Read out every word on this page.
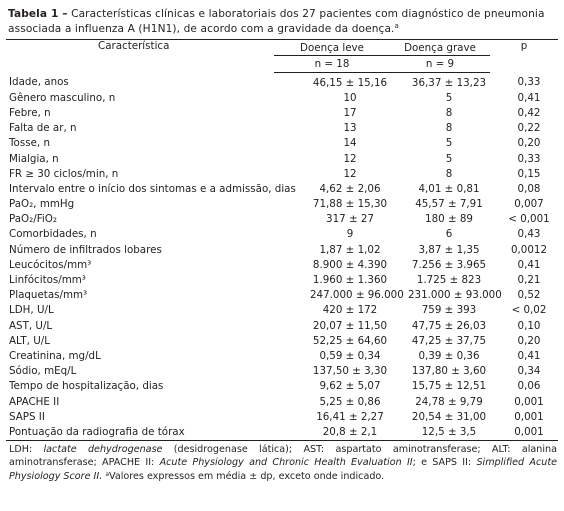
Tabela 1 – Características clínicas e laboratoriais dos 27 pacientes com diagnóstico de pneumonia associada a influenza A (H1N1), de acordo com a gravidade da doença.$^a$
Característica	Doença leve	Doença grave	p
	n = 18	n = 9	
Idade, anos	46,15 ± 15,16	36,37 ± 13,23	0,33
Gênero masculino, n	10	5	0,41
Febre, n	17	8	0,42
Falta de ar, n	13	8	0,22
Tosse, n	14	5	0,20
Mialgia, n	12	5	0,33
FR ≥ 30 ciclos/min, n	12	8	0,15
Intervalo entre o início dos sintomas e a admissão, dias	4,62 ± 2,06	4,01 ± 0,81	0,08
PaO₂, mmHg	71,88 ± 15,30	45,57 ± 7,91	0,007
PaO₂/FiO₂	317 ± 27	180 ± 89	< 0,001
Comorbidades, n	9	6	0,43
Número de infiltrados lobares	1,87 ± 1,02	3,87 ± 1,35	0,0012
Leucócitos/mm³	8.900 ± 4.390	7.256 ± 3.965	0,41
Linfócitos/mm³	1.960 ± 1.360	1.725 ± 823	0,21
Plaquetas/mm³	247.000 ± 96.000	231.000 ± 93.000	0,52
LDH, U/L	420 ± 172	759 ± 393	< 0,02
AST, U/L	20,07 ± 11,50	47,75 ± 26,03	0,10
ALT, U/L	52,25 ± 64,60	47,25 ± 37,75	0,20
Creatinina, mg/dL	0,59 ± 0,34	0,39 ± 0,36	0,41
Sódio, mEq/L	137,50 ± 3,30	137,80 ± 3,60	0,34
Tempo de hospitalização, dias	9,62 ± 5,07	15,75 ± 12,51	0,06
APACHE II	5,25 ± 0,86	24,78 ± 9,79	0,001
SAPS II	16,41 ± 2,27	20,54 ± 31,00	0,001
Pontuação da radiografia de tórax	20,8 ± 2,1	12,5 ± 3,5	0,001
LDH: lactate dehydrogenase (desidrogenase lática); AST: aspartato aminotransferase; ALT: alanina aminotransferase; APACHE II: Acute Physiology and Chronic Health Evaluation II; e SAPS II: Simplified Acute Physiology Score II. $^a$Valores expressos em média ± dp, exceto onde indicado.
